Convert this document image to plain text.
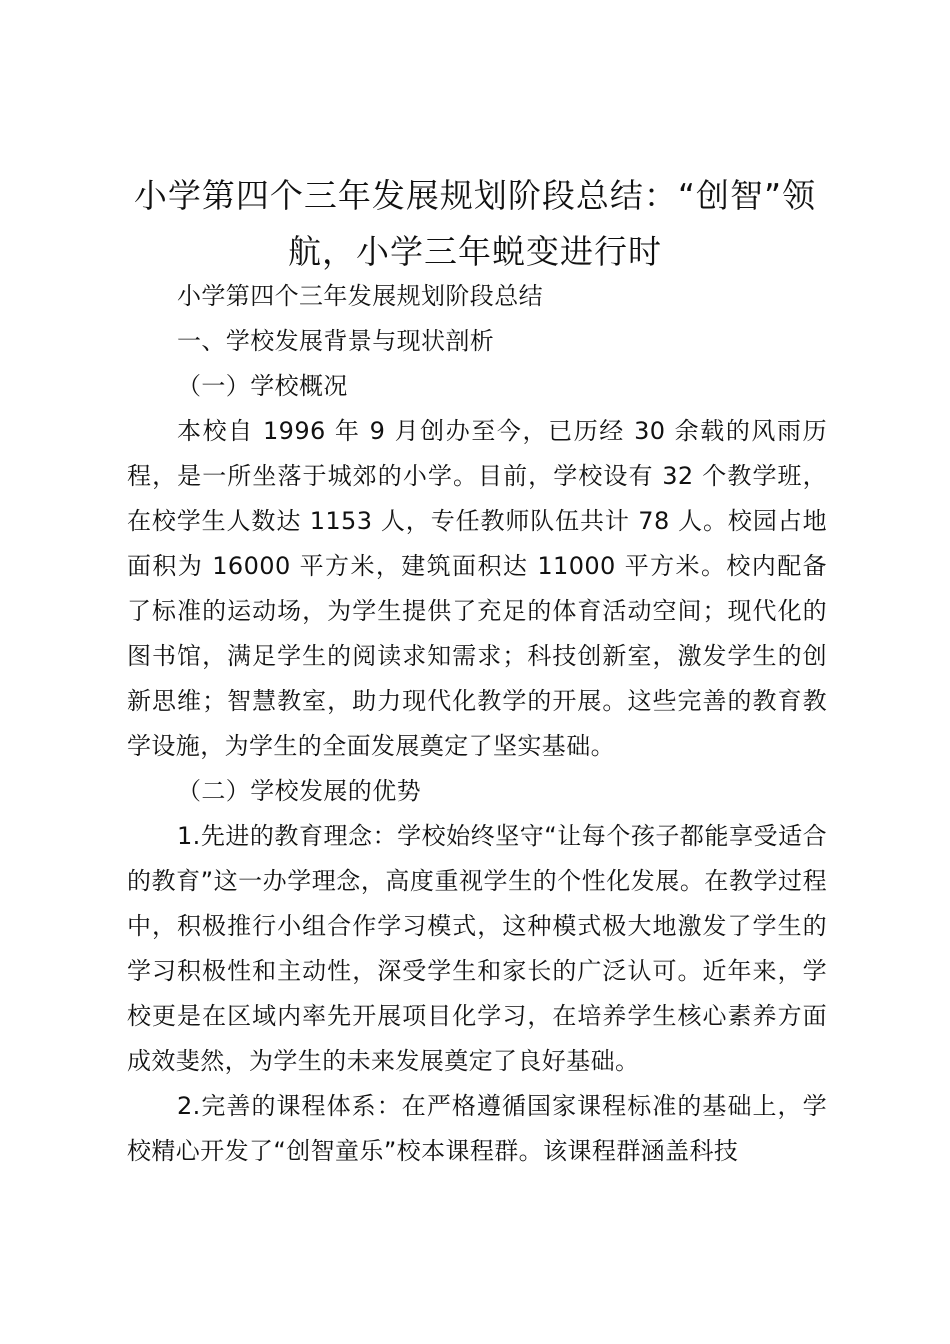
小学第四个三年发展规划阶段总结：“创智”领航，小学三年蜕变进行时

小学第四个三年发展规划阶段总结

一、学校发展背景与现状剖析

（一）学校概况

本校自 1996 年 9 月创办至今，已历经 30 余载的风雨历程，是一所坐落于城郊的小学。目前，学校设有 32 个教学班，在校学生人数达 1153 人，专任教师队伍共计 78 人。校园占地面积为 16000 平方米，建筑面积达 11000 平方米。校内配备了标准的运动场，为学生提供了充足的体育活动空间；现代化的图书馆，满足学生的阅读求知需求；科技创新室，激发学生的创新思维；智慧教室，助力现代化教学的开展。这些完善的教育教学设施，为学生的全面发展奠定了坚实基础。

（二）学校发展的优势

1.先进的教育理念：学校始终坚守“让每个孩子都能享受适合的教育”这一办学理念，高度重视学生的个性化发展。在教学过程中，积极推行小组合作学习模式，这种模式极大地激发了学生的学习积极性和主动性，深受学生和家长的广泛认可。近年来，学校更是在区域内率先开展项目化学习，在培养学生核心素养方面成效斐然，为学生的未来发展奠定了良好基础。

2.完善的课程体系：在严格遵循国家课程标准的基础上，学校精心开发了“创智童乐”校本课程群。该课程群涵盖科技
